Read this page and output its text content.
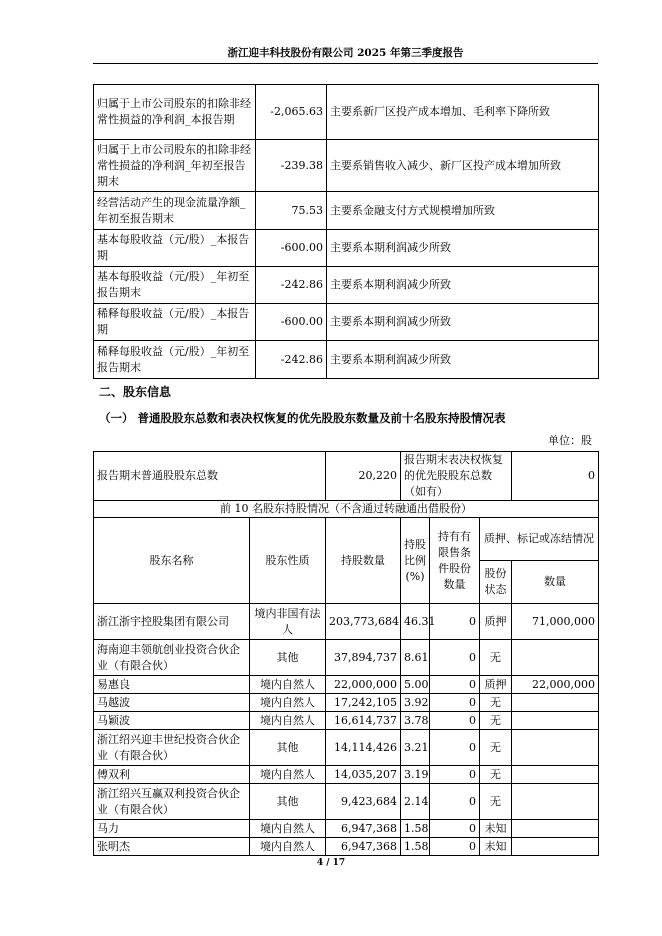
浙江迎丰科技股份有限公司 2025 年第三季度报告
归属于上市公司股东的扣除非经常性损益的净利润_本报告期	-2,065.63	主要系新厂区投产成本增加、毛利率下降所致
归属于上市公司股东的扣除非经常性损益的净利润_年初至报告期末	-239.38	主要系销售收入减少、新厂区投产成本增加所致
经营活动产生的现金流量净额_年初至报告期末	75.53	主要系金融支付方式规模增加所致
基本每股收益（元/股）_本报告期	-600.00	主要系本期利润减少所致
基本每股收益（元/股）_年初至报告期末	-242.86	主要系本期利润减少所致
稀释每股收益（元/股）_本报告期	-600.00	主要系本期利润减少所致
稀释每股收益（元/股）_年初至报告期末	-242.86	主要系本期利润减少所致
二、股东信息
（一） 普通股股东总数和表决权恢复的优先股股东数量及前十名股东持股情况表
单位：股
报告期末普通股股东总数		20,220	报告期末表决权恢复的优先股股东总数（如有）			0
前 10 名股东持股情况（不含通过转融通出借股份）						
股东名称	股东性质	持股数量	持股比例(%)	持有有限售条件股份数量	质押、标记或冻结情况	
					股份状态	数量
浙江浙宇控股集团有限公司	境内非国有法人	203,773,684	46.31	0	质押	71,000,000
海南迎丰领航创业投资合伙企业（有限合伙）	其他	37,894,737	8.61	0	无	
易惠良	境内自然人	22,000,000	5.00	0	质押	22,000,000
马越波	境内自然人	17,242,105	3.92	0	无	
马颖波	境内自然人	16,614,737	3.78	0	无	
浙江绍兴迎丰世纪投资合伙企业（有限合伙）	其他	14,114,426	3.21	0	无	
傅双利	境内自然人	14,035,207	3.19	0	无	
浙江绍兴互赢双利投资合伙企业（有限合伙）	其他	9,423,684	2.14	0	无	
马力	境内自然人	6,947,368	1.58	0	未知	
张明杰	境内自然人	6,947,368	1.58	0	未知	
4 / 17
